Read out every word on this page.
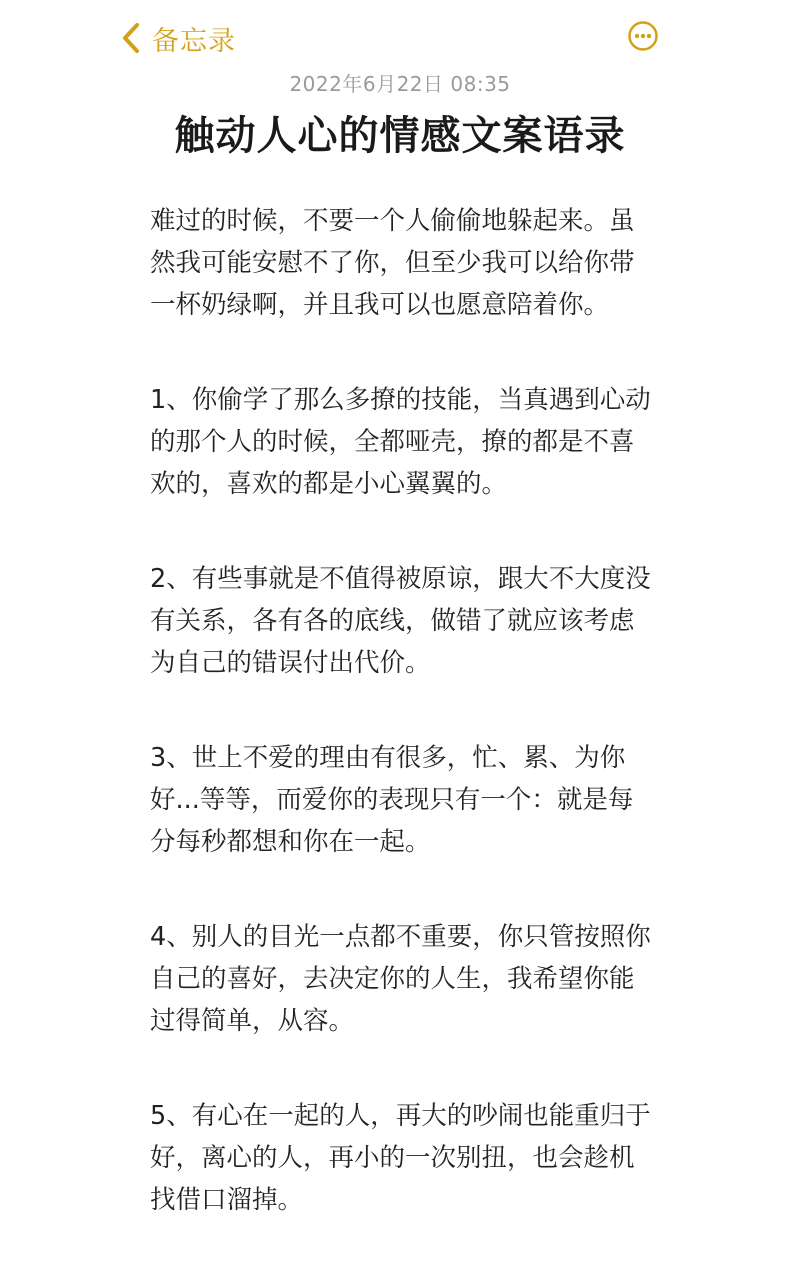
备忘录
2022年6月22日 08:35
触动人心的情感文案语录

难过的时候，不要一个人偷偷地躲起来。虽
然我可能安慰不了你，但至少我可以给你带
一杯奶绿啊，并且我可以也愿意陪着你。

1、你偷学了那么多撩的技能，当真遇到心动
的那个人的时候，全都哑壳，撩的都是不喜
欢的，喜欢的都是小心翼翼的。

2、有些事就是不值得被原谅，跟大不大度没
有关系，各有各的底线，做错了就应该考虑
为自己的错误付出代价。

3、世上不爱的理由有很多，忙、累、为你
好...等等，而爱你的表现只有一个：就是每
分每秒都想和你在一起。

4、别人的目光一点都不重要，你只管按照你
自己的喜好，去决定你的人生，我希望你能
过得简单，从容。

5、有心在一起的人，再大的吵闹也能重归于
好，离心的人，再小的一次别扭，也会趁机
找借口溜掉。
